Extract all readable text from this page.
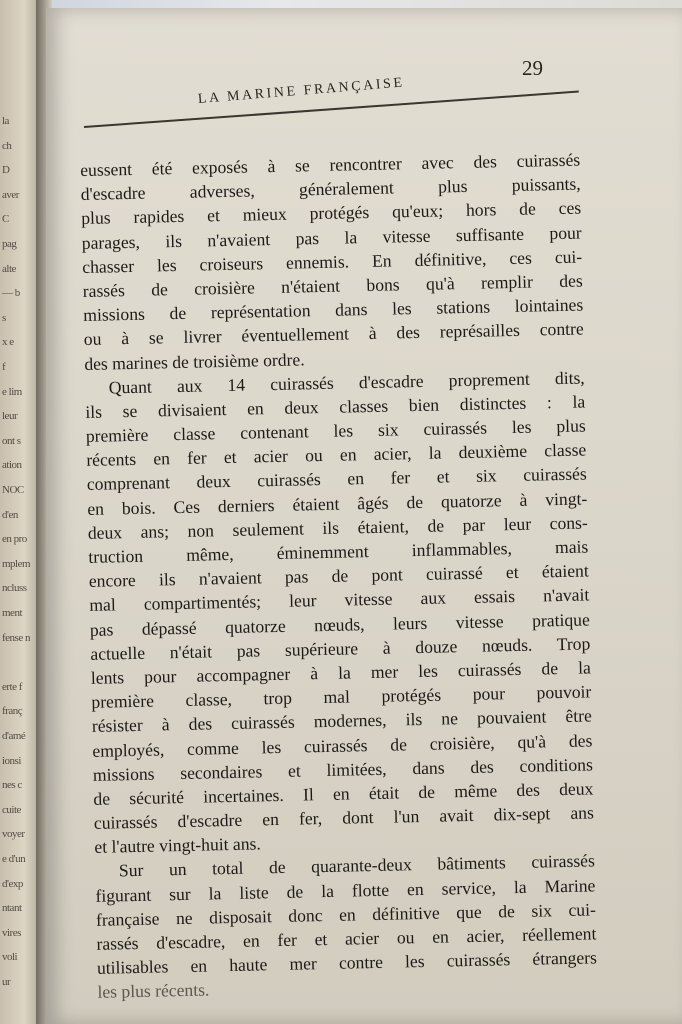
la
ch
D
aver
C
pag
alte
— b
s
x e
f
e lim
leur
ont s
ation
NOC
d'en
en pro
mplem
ncluss
ment
fense n
erte f
franç
d'amé
ionsi
nes c
cuite
voyer
e d'un
d'exp
ntant
vires
voli
ur
29
LA MARINE FRANÇAISE
eussent été exposés à se rencontrer avec des cuirassés
d'escadre adverses, généralement plus puissants,
plus rapides et mieux protégés qu'eux; hors de ces
parages, ils n'avaient pas la vitesse suffisante pour
chasser les croiseurs ennemis. En définitive, ces cui-
rassés de croisière n'étaient bons qu'à remplir des
missions de représentation dans les stations lointaines
ou à se livrer éventuellement à des représailles contre
des marines de troisième ordre.
Quant aux 14 cuirassés d'escadre proprement dits,
ils se divisaient en deux classes bien distinctes : la
première classe contenant les six cuirassés les plus
récents en fer et acier ou en acier, la deuxième classe
comprenant deux cuirassés en fer et six cuirassés
en bois. Ces derniers étaient âgés de quatorze à vingt-
deux ans; non seulement ils étaient, de par leur cons-
truction même, éminemment inflammables, mais
encore ils n'avaient pas de pont cuirassé et étaient
mal compartimentés; leur vitesse aux essais n'avait
pas dépassé quatorze nœuds, leurs vitesse pratique
actuelle n'était pas supérieure à douze nœuds. Trop
lents pour accompagner à la mer les cuirassés de la
première classe, trop mal protégés pour pouvoir
résister à des cuirassés modernes, ils ne pouvaient être
employés, comme les cuirassés de croisière, qu'à des
missions secondaires et limitées, dans des conditions
de sécurité incertaines. Il en était de même des deux
cuirassés d'escadre en fer, dont l'un avait dix-sept ans
et l'autre vingt-huit ans.
Sur un total de quarante-deux bâtiments cuirassés
figurant sur la liste de la flotte en service, la Marine
française ne disposait donc en définitive que de six cui-
rassés d'escadre, en fer et acier ou en acier, réellement
utilisables en haute mer contre les cuirassés étrangers
les plus récents.
